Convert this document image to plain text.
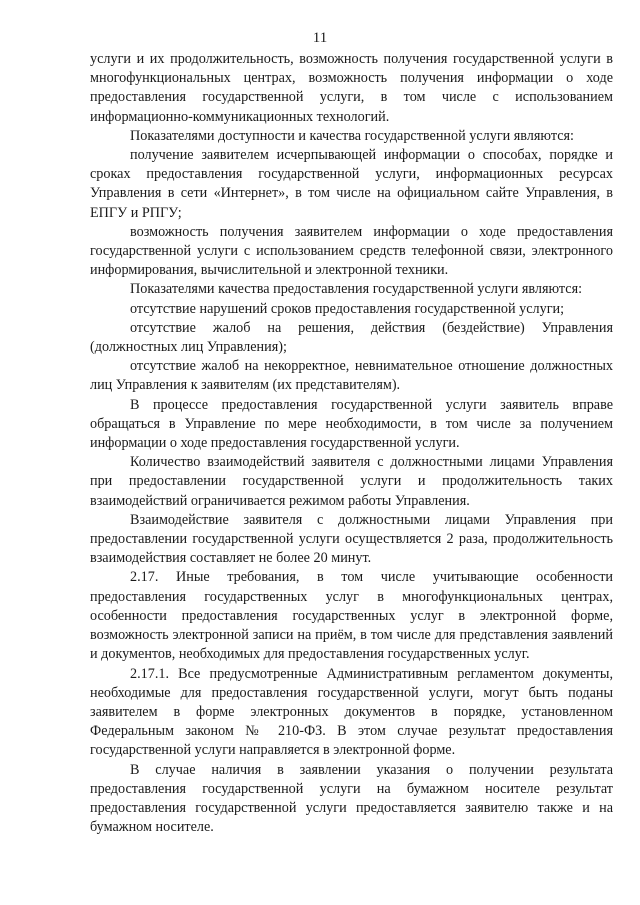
11

услуги и их продолжительность, возможность получения государственной услуги в многофункциональных центрах, возможность получения информации о ходе предоставления государственной услуги, в том числе с использованием информационно-коммуникационных технологий.

Показателями доступности и качества государственной услуги являются:

получение заявителем исчерпывающей информации о способах, порядке и сроках предоставления государственной услуги, информационных ресурсах Управления в сети «Интернет», в том числе на официальном сайте Управления, в ЕПГУ и РПГУ;

возможность получения заявителем информации о ходе предоставления государственной услуги с использованием средств телефонной связи, электронного информирования, вычислительной и электронной техники.

Показателями качества предоставления государственной услуги являются:

отсутствие нарушений сроков предоставления государственной услуги;

отсутствие жалоб на решения, действия (бездействие) Управления (должностных лиц Управления);

отсутствие жалоб на некорректное, невнимательное отношение должностных лиц Управления к заявителям (их представителям).

В процессе предоставления государственной услуги заявитель вправе обращаться в Управление по мере необходимости, в том числе за получением информации о ходе предоставления государственной услуги.

Количество взаимодействий заявителя с должностными лицами Управления при предоставлении государственной услуги и продолжительность таких взаимодействий ограничивается режимом работы Управления.

Взаимодействие заявителя с должностными лицами Управления при предоставлении государственной услуги осуществляется 2 раза, продолжительность взаимодействия составляет не более 20 минут.

2.17. Иные требования, в том числе учитывающие особенности предоставления государственных услуг в многофункциональных центрах, особенности предоставления государственных услуг в электронной форме, возможность электронной записи на приём, в том числе для представления заявлений и документов, необходимых для предоставления государственных услуг.

2.17.1. Все предусмотренные Административным регламентом документы, необходимые для предоставления государственной услуги, могут быть поданы заявителем в форме электронных документов в порядке, установленном Федеральным законом № 210-ФЗ. В этом случае результат предоставления государственной услуги направляется в электронной форме.

В случае наличия в заявлении указания о получении результата предоставления государственной услуги на бумажном носителе результат предоставления государственной услуги предоставляется заявителю также и на бумажном носителе.
